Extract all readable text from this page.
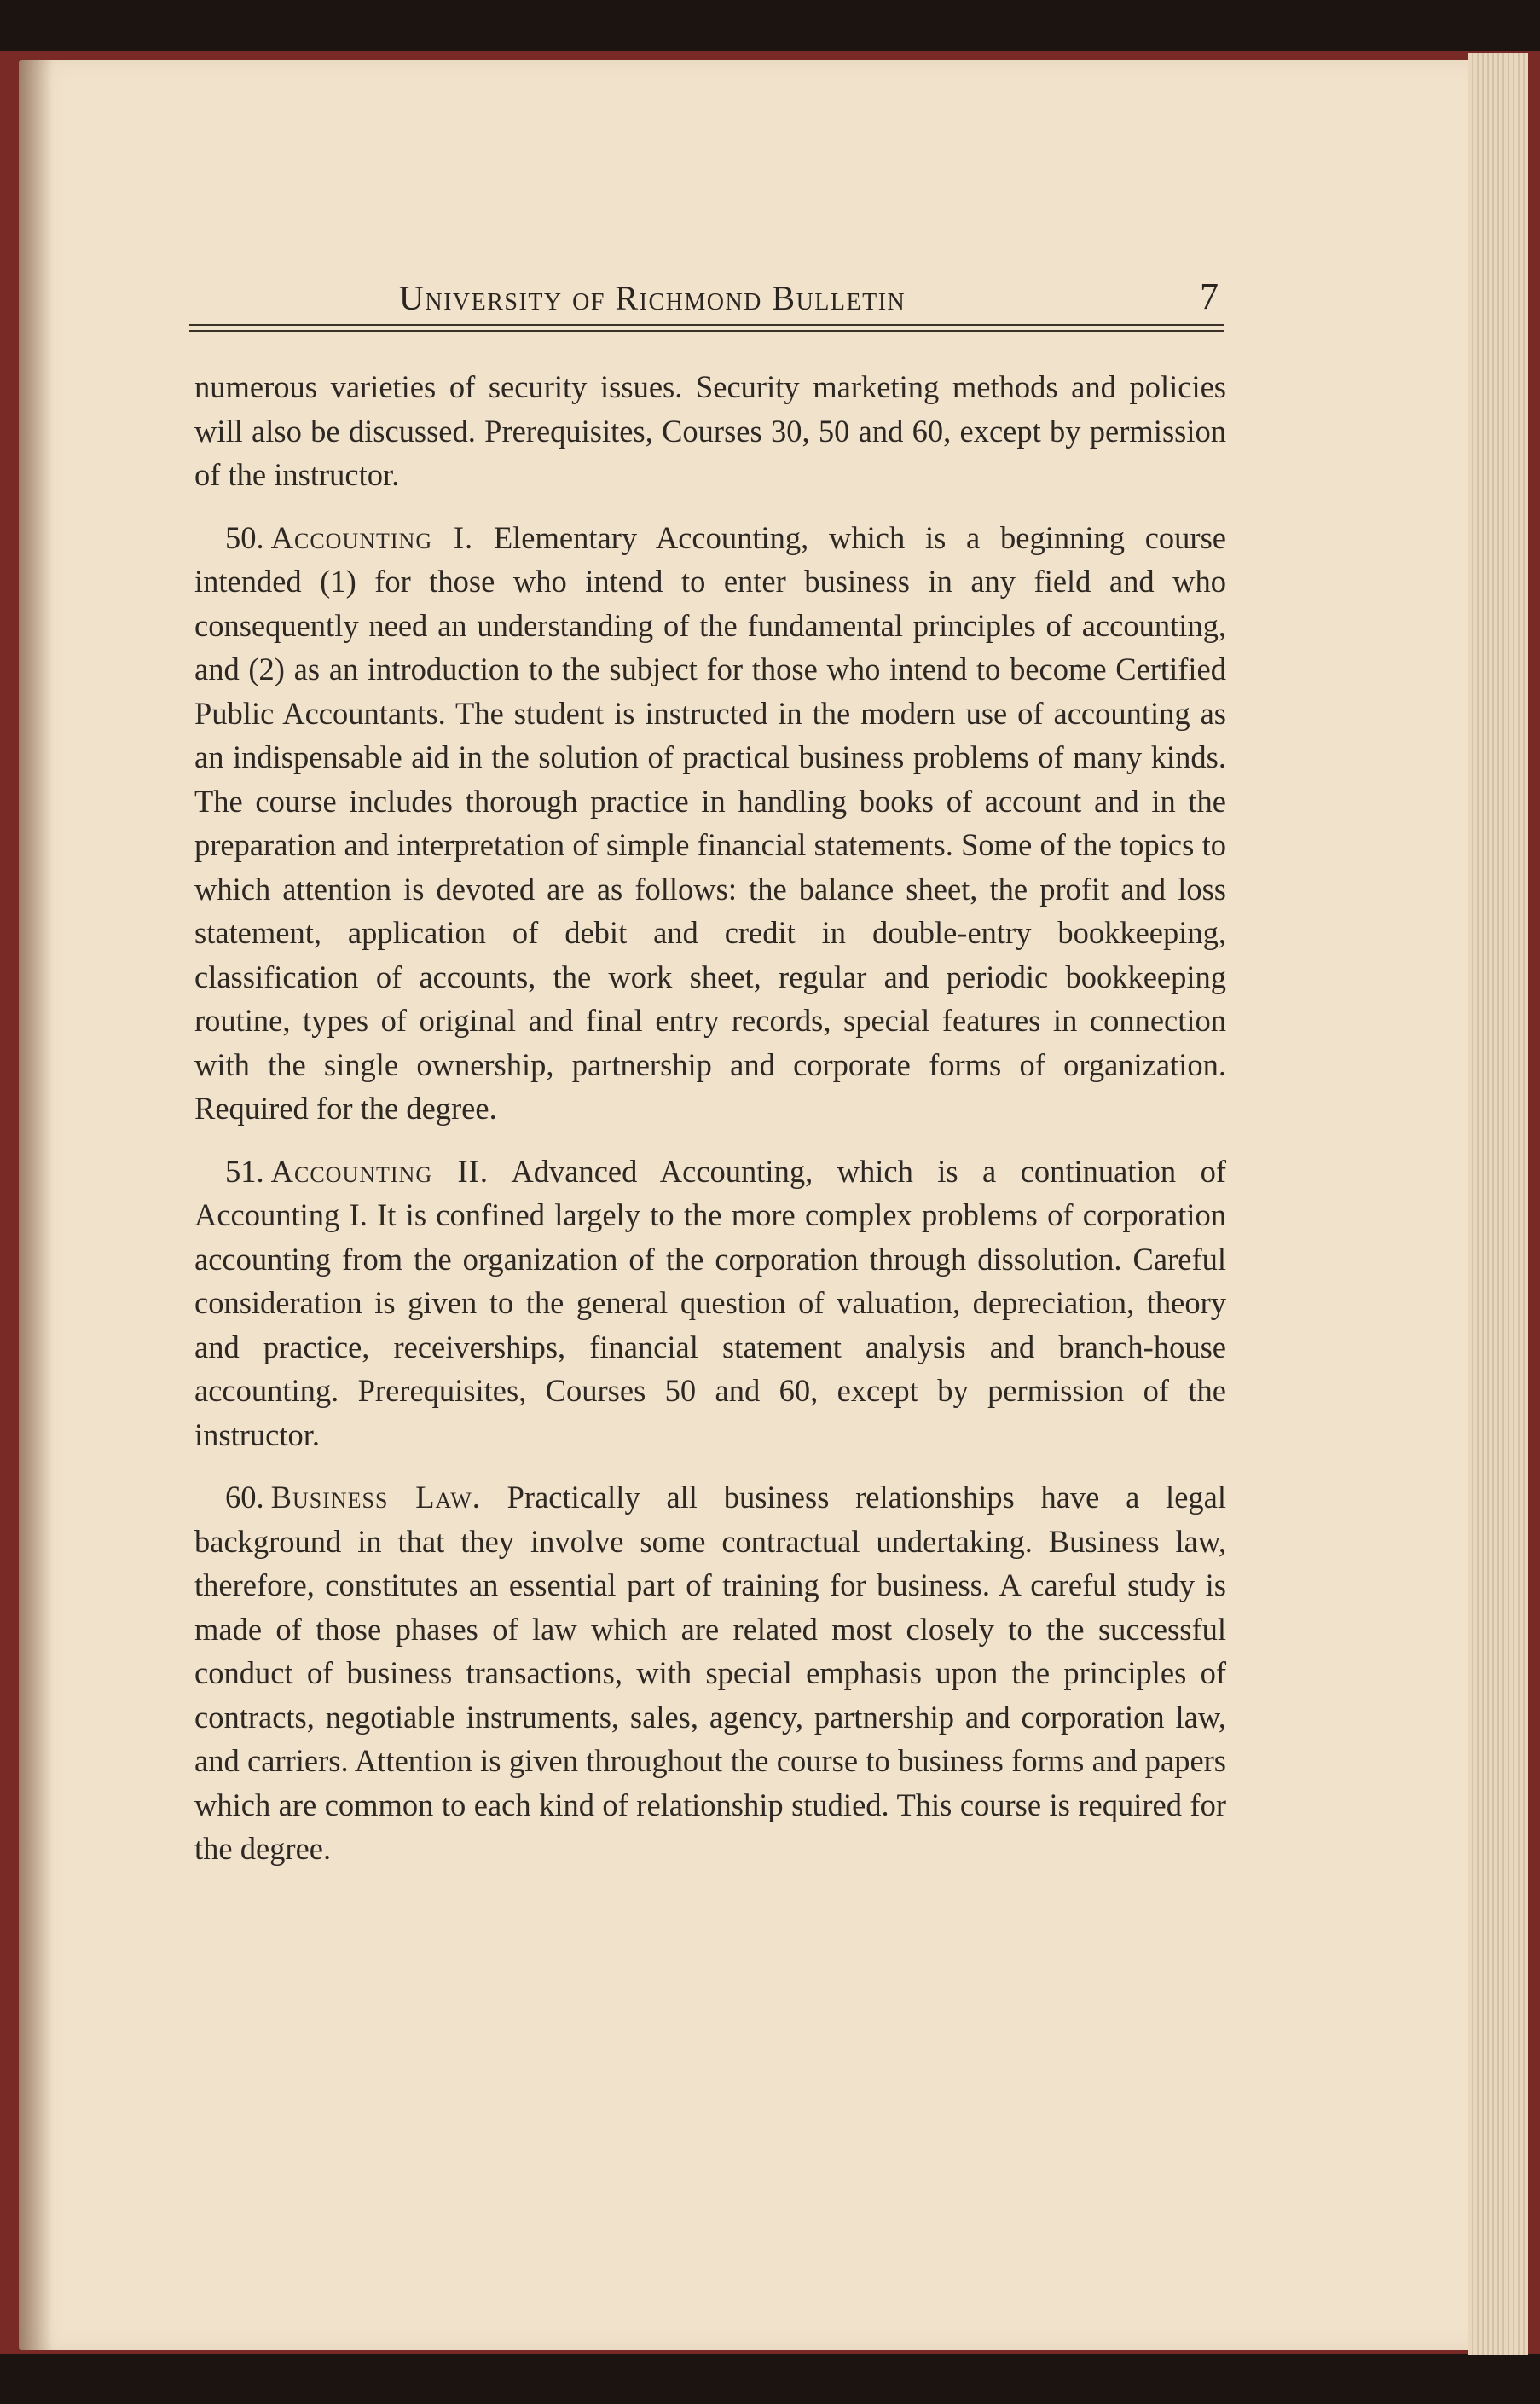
University of Richmond Bulletin	7

numerous varieties of security issues. Security marketing methods and policies will also be discussed. Prerequisites, Courses 30, 50 and 60, except by permission of the instructor.

50. Accounting I. Elementary Accounting, which is a beginning course intended (1) for those who intend to enter business in any field and who consequently need an understanding of the fundamental principles of accounting, and (2) as an introduction to the subject for those who intend to become Certified Public Accountants. The student is instructed in the modern use of accounting as an indispensable aid in the solution of practical business problems of many kinds. The course includes thorough practice in handling books of account and in the preparation and interpretation of simple financial statements. Some of the topics to which attention is devoted are as follows: the balance sheet, the profit and loss statement, application of debit and credit in double-entry bookkeeping, classification of accounts, the work sheet, regular and periodic bookkeeping routine, types of original and final entry records, special features in connection with the single ownership, partnership and corporate forms of organization. Required for the degree.

51. Accounting II. Advanced Accounting, which is a continuation of Accounting I. It is confined largely to the more complex problems of corporation accounting from the organization of the corporation through dissolution. Careful consideration is given to the general question of valuation, depreciation, theory and practice, receiverships, financial statement analysis and branch-house accounting. Prerequisites, Courses 50 and 60, except by permission of the instructor.

60. Business Law. Practically all business relationships have a legal background in that they involve some contractual undertaking. Business law, therefore, constitutes an essential part of training for business. A careful study is made of those phases of law which are related most closely to the successful conduct of business transactions, with special emphasis upon the principles of contracts, negotiable instruments, sales, agency, partnership and corporation law, and carriers. Attention is given throughout the course to business forms and papers which are common to each kind of relationship studied. This course is required for the degree.
